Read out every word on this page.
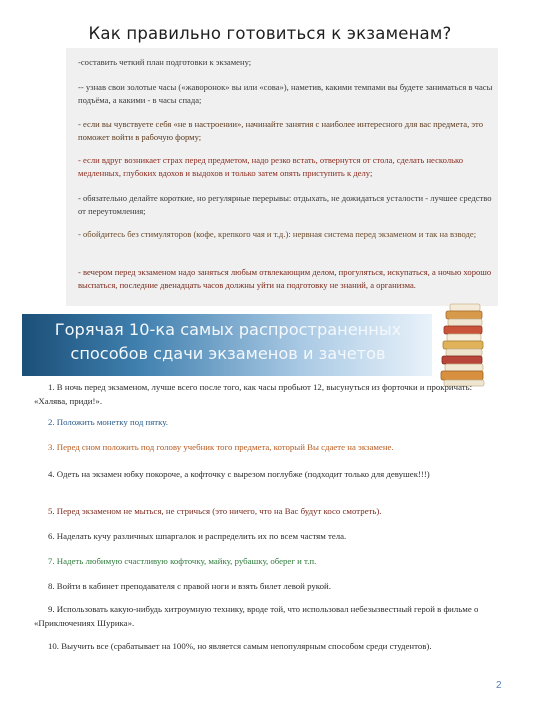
Как правильно готовиться к экзаменам?
-составить четкий план подготовки к экзамену;
-- узнав свои золотые часы («жаворонок» вы или «сова»), наметив, какими темпами вы будете заниматься в часы подъёма, а какими - в часы спада;
- если вы чувствуете себя «не в настроении», начинайте занятия с наиболее интересного для вас предмета, это поможет войти в рабочую форму;
- если вдруг возникает страх перед предметом, надо резко встать, отвернутся от стола, сделать несколько медленных, глубоких вдохов и выдохов и только затем опять приступить к делу;
- обязательно делайте короткие, но регулярные перерывы: отдыхать, не дожидаться усталости - лучшее средство от переутомления;
- обойдитесь без стимуляторов (кофе, крепкого чая и т.д.): нервная система перед экзаменом и так на взводе;
- вечером перед экзаменом надо заняться любым отвлекающим делом, прогуляться, искупаться, а ночью хорошо выспаться, последние двенадцать часов должны уйти на подготовку не знаний, а организма.
Горячая 10-ка самых распространенных способов сдачи экзаменов и зачетов
1. В ночь перед экзаменом, лучше всего после того, как часы пробьют 12, высунуться из форточки и прокричать: «Халява, приди!».
2. Положить монетку под пятку.
3. Перед сном положить под голову учебник того предмета, который Вы сдаете на экзамене.
4. Одеть на экзамен юбку покороче, а кофточку с вырезом поглубже (подходит только для девушек!!!)
5. Перед экзаменом не мыться, не стричься (это ничего, что на Вас будут косо смотреть).
6. Наделать кучу различных шпаргалок и распределить их по всем частям тела.
7. Надеть любимую счастливую кофточку, майку, рубашку, оберег и т.п.
8. Войти в кабинет преподавателя с правой ноги и взять билет левой рукой.
9. Использовать какую-нибудь хитроумную технику, вроде той, что использовал небезызвестный герой в фильме о «Приключениях Шурика».
10. Выучить все (срабатывает на 100%, но является самым непопулярным способом среди студентов).
2
